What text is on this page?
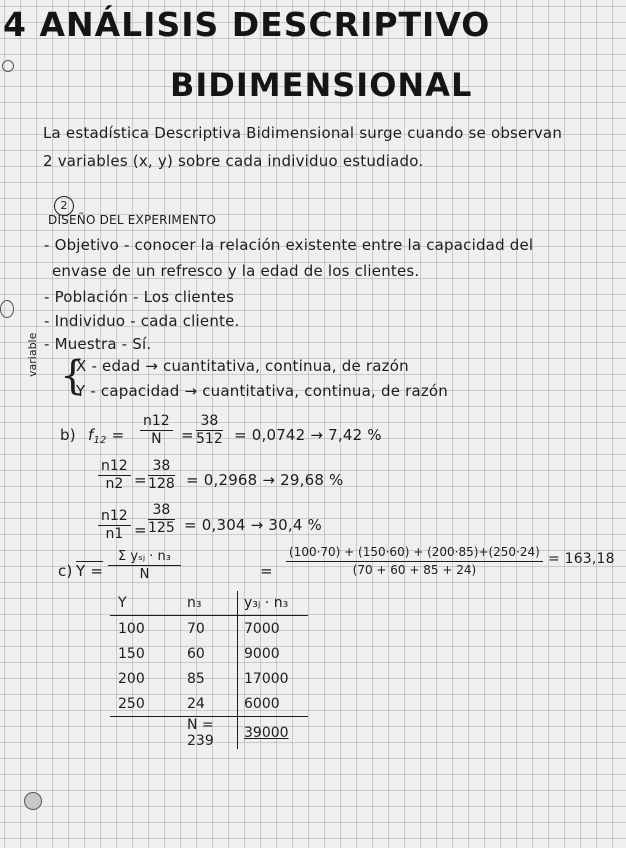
4 ANÁLISIS DESCRIPTIVO
BIDIMENSIONAL
La estadística Descriptiva Bidimensional surge cuando se observan
2 variables (x, y) sobre cada individuo estudiado.
2
DISEÑO DEL EXPERIMENTO
- Objetivo - conocer la relación existente entre la capacidad del
envase de un refresco y la edad de los clientes.
- Población - Los clientes
- Individuo - cada cliente.
- Muestra - Sí.
variable {
X - edad → cuantitativa, continua, de razón
Y - capacidad → cuantitativa, continua, de razón
b) $f_{12} = \frac{n12}{N} = \frac{38}{512} = 0,0742 \to 7,42$ %
$\frac{n12}{n2} = \frac{38}{128} = 0,2968 \to 29,68$ %
$\frac{n12}{n1} = \frac{38}{125} = 0,304 \to 30,4$ %
c) Y =
Σ yₛⱼ · n₃
N	= $\frac{(100\cdot 70) + (150\cdot 60) + (200\cdot 85)+(250\cdot 24)}{(70 + 60 + 85 + 24)} = 163,18$
Y	n₃	y₃ⱼ · n₃
100	70	7000
150	60	9000
200	85	17000
250	24	6000
	N = 239	39000
